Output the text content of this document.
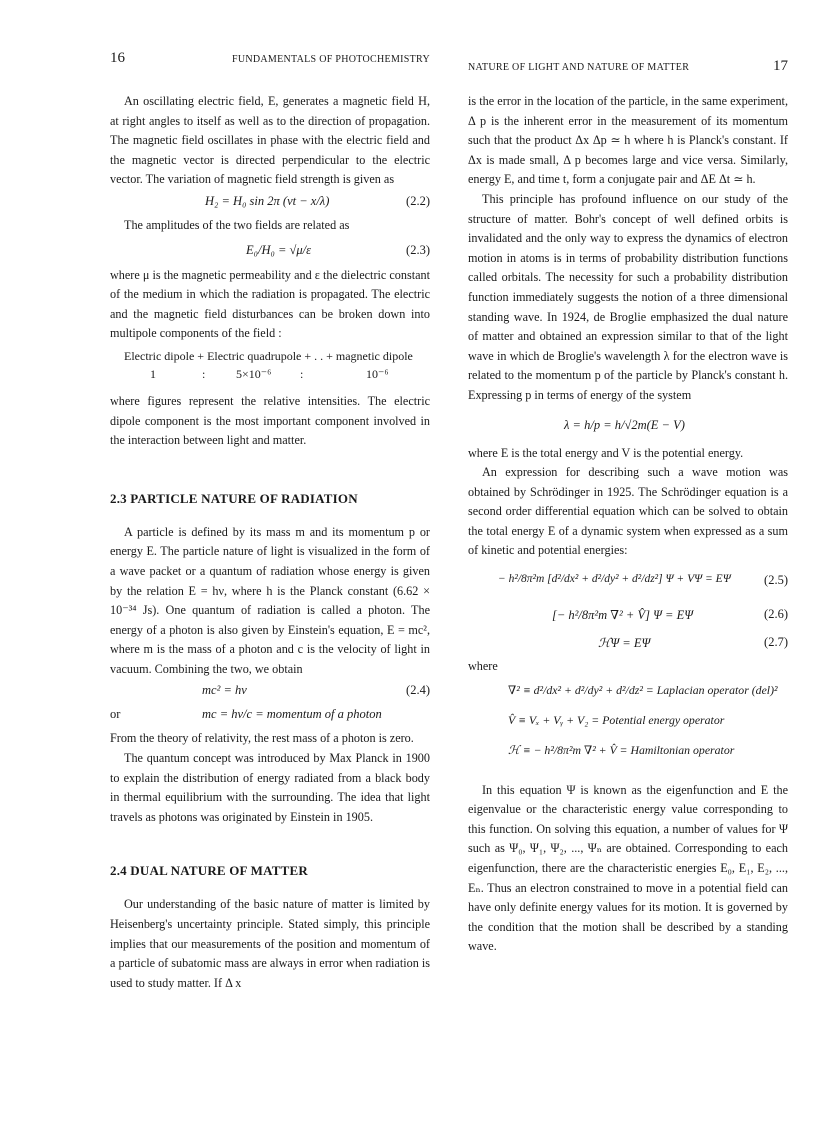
16	FUNDAMENTALS OF PHOTOCHEMISTRY

An oscillating electric field, E, generates a magnetic field H, at right angles to itself as well as to the direction of propagation. The magnetic field oscillates in phase with the electric field and the magnetic vector is directed perpendicular to the electric vector. The variation of magnetic field strength is given as

H₂ = H₀ sin 2π (νt − x/λ)	(2.2)

The amplitudes of the two fields are related as

E₀/H₀ = √μ/ε	(2.3)

where μ is the magnetic permeability and ε the dielectric constant of the medium in which the radiation is propagated. The electric and the magnetic field disturbances can be broken down into multipole components of the field :

Electric dipole + Electric quadrupole + . . + magnetic dipole
1	:	5×10⁻⁶ :	10⁻⁶

where figures represent the relative intensities. The electric dipole component is the most important component involved in the interaction between light and matter.

2.3 PARTICLE NATURE OF RADIATION

A particle is defined by its mass m and its momentum p or energy E. The particle nature of light is visualized in the form of a wave packet or a quantum of radiation whose energy is given by the relation E = hν, where h is the Planck constant (6.62 × 10⁻³⁴ Js). One quantum of radiation is called a photon. The energy of a photon is also given by Einstein's equation, E = mc², where m is the mass of a photon and c is the velocity of light in vacuum. Combining the two, we obtain

mc² = hν	(2.4)
or	mc = hν/c = momentum of a photon

From the theory of relativity, the rest mass of a photon is zero.

The quantum concept was introduced by Max Planck in 1900 to explain the distribution of energy radiated from a black body in thermal equilibrium with the surrounding. The idea that light travels as photons was originated by Einstein in 1905.

2.4 DUAL NATURE OF MATTER

Our understanding of the basic nature of matter is limited by Heisenberg's uncertainty principle. Stated simply, this principle implies that our measurements of the position and momentum of a particle of subatomic mass are always in error when radiation is used to study matter. If Δ x

NATURE OF LIGHT AND NATURE OF MATTER	17

is the error in the location of the particle, in the same experiment, Δ p is the inherent error in the measurement of its momentum such that the product Δx Δp ≃ h where h is Planck's constant. If Δx is made small, Δ p becomes large and vice versa. Similarly, energy E, and time t, form a conjugate pair and ΔE Δt ≃ h.

This principle has profound influence on our study of the structure of matter. Bohr's concept of well defined orbits is invalidated and the only way to express the dynamics of electron motion in atoms is in terms of probability distribution functions called orbitals. The necessity for such a probability distribution function immediately suggests the notion of a three dimensional standing wave. In 1924, de Broglie emphasized the dual nature of matter and obtained an expression similar to that of the light wave in which de Broglie's wavelength λ for the electron wave is related to the momentum p of the particle by Planck's constant h. Expressing p in terms of energy of the system

λ = h/p = h/√2m(E − V)

where E is the total energy and V is the potential energy.

An expression for describing such a wave motion was obtained by Schrödinger in 1925. The Schrödinger equation is a second order differential equation which can be solved to obtain the total energy E of a dynamic system when expressed as a sum of kinetic and potential energies:

− h²/8π²m [d²/dx² + d²/dy² + d²/dz²] Ψ + VΨ = EΨ	(2.5)
[− h²/8π²m ∇² + V̂] Ψ = EΨ	(2.6)
ℋΨ = EΨ	(2.7)
where
∇² ≡ d²/dx² + d²/dy² + d²/dz² = Laplacian operator (del)²
V̂ ≡ Vₓ + Vᵧ + V₂ = Potential energy operator
ℋ ≡ − h²/8π²m ∇² + V̂ = Hamiltonian operator

In this equation Ψ is known as the eigenfunction and E the eigenvalue or the characteristic energy value corresponding to this function. On solving this equation, a number of values for Ψ such as Ψ₀, Ψ₁, Ψ₂, ..., Ψₙ are obtained. Corresponding to each eigenfunction, there are the characteristic energies E₀, E₁, E₂, ..., Eₙ. Thus an electron constrained to move in a potential field can have only definite energy values for its motion. It is governed by the condition that the motion shall be described by a standing wave.
